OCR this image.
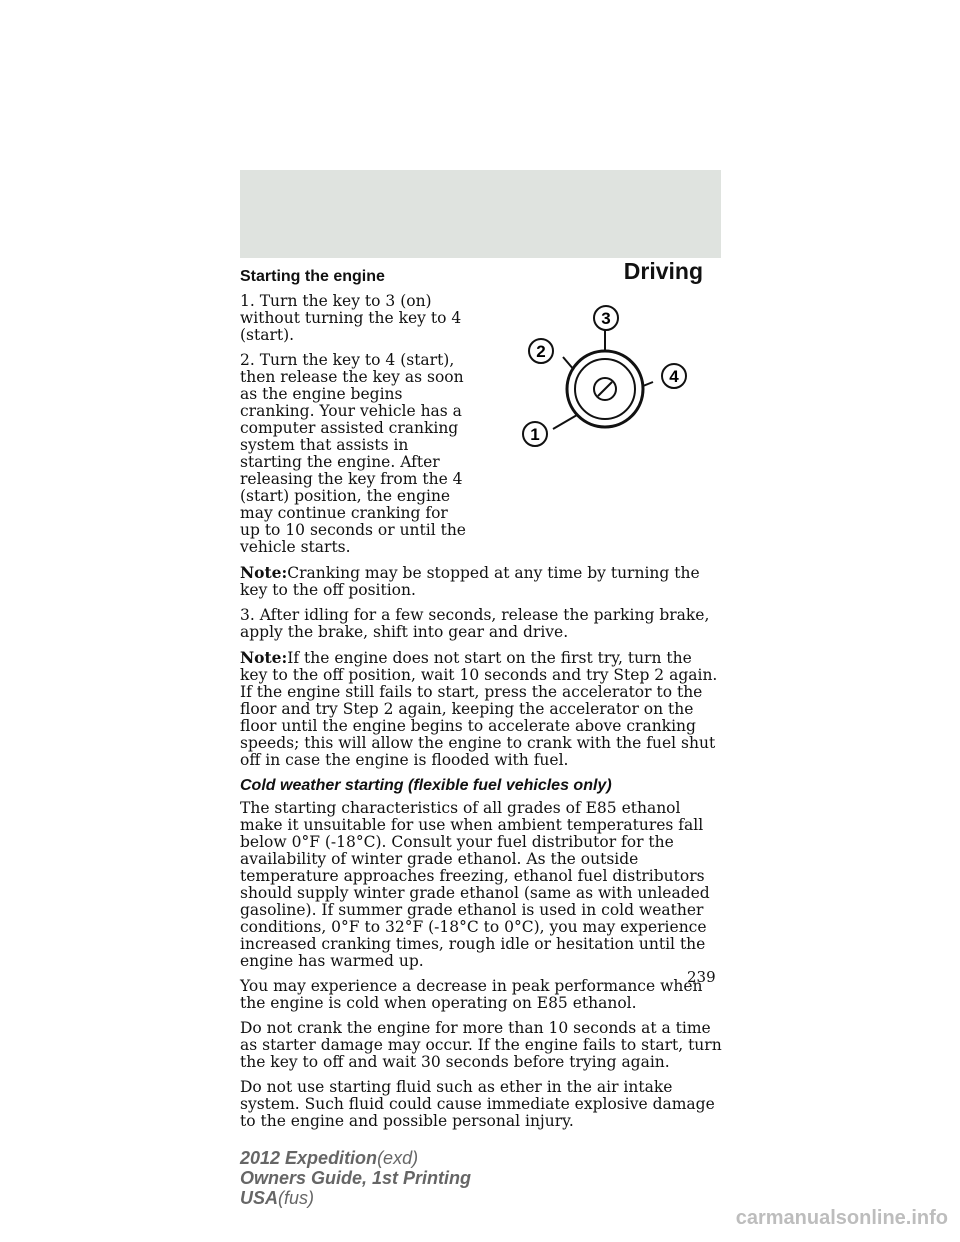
Driving
Starting the engine

1. Turn the key to 3 (on) without turning the key to 4 (start).

2. Turn the key to 4 (start), then release the key as soon as the engine begins cranking. Your vehicle has a computer assisted cranking system that assists in starting the engine. After releasing the key from the 4 (start) position, the engine may continue cranking for up to 10 seconds or until the vehicle starts.

Note:Cranking may be stopped at any time by turning the key to the off position.

3. After idling for a few seconds, release the parking brake, apply the brake, shift into gear and drive.

Note:If the engine does not start on the first try, turn the key to the off position, wait 10 seconds and try Step 2 again. If the engine still fails to start, press the accelerator to the floor and try Step 2 again, keeping the accelerator on the floor until the engine begins to accelerate above cranking speeds; this will allow the engine to crank with the fuel shut off in case the engine is flooded with fuel.

Cold weather starting (flexible fuel vehicles only)

The starting characteristics of all grades of E85 ethanol make it unsuitable for use when ambient temperatures fall below 0°F (-18°C). Consult your fuel distributor for the availability of winter grade ethanol. As the outside temperature approaches freezing, ethanol fuel distributors should supply winter grade ethanol (same as with unleaded gasoline). If summer grade ethanol is used in cold weather conditions, 0°F to 32°F (-18°C to 0°C), you may experience increased cranking times, rough idle or hesitation until the engine has warmed up.

You may experience a decrease in peak performance when the engine is cold when operating on E85 ethanol.

Do not crank the engine for more than 10 seconds at a time as starter damage may occur. If the engine fails to start, turn the key to off and wait 30 seconds before trying again.

Do not use starting fluid such as ether in the air intake system. Such fluid could cause immediate explosive damage to the engine and possible personal injury.

3
2
4
1
239
2012 Expedition(exd)
Owners Guide, 1st Printing
USA(fus)
carmanualsonline.info
